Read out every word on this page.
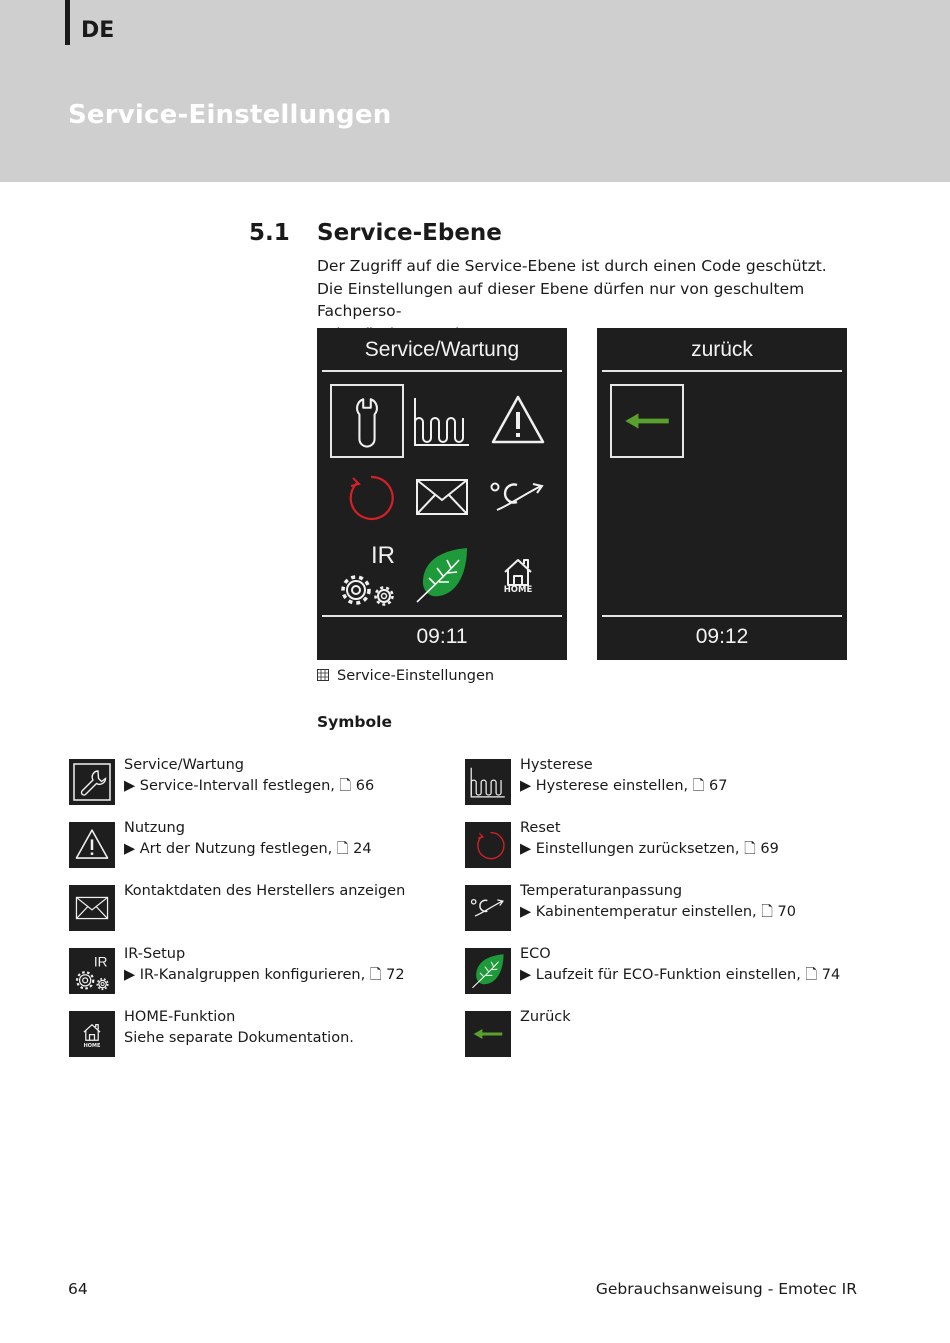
DE
Service-Einstellungen
5.1 Service-Ebene
Der Zugriff auf die Service-Ebene ist durch einen Code geschützt.
Die Einstellungen auf dieser Ebene dürfen nur von geschultem Fachperso-
Service/Wartung
IR
HOME
09:11
zurück
09:12
Service-Einstellungen
Symbole
Service/Wartung
▶ Service-Intervall festlegen, 🗋 66
Nutzung
▶ Art der Nutzung festlegen, 🗋 24
Kontaktdaten des Herstellers anzeigen
IR
IR-Setup
▶ IR-Kanalgruppen konfigurieren, 🗋 72
HOME
HOME-Funktion
Siehe separate Dokumentation.
Hysterese
▶ Hysterese einstellen, 🗋 67
Reset
▶ Einstellungen zurücksetzen, 🗋 69
Temperaturanpassung
▶ Kabinentemperatur einstellen, 🗋 70
ECO
▶ Laufzeit für ECO-Funktion einstellen, 🗋 74
Zurück
64	Gebrauchsanweisung - Emotec IR
